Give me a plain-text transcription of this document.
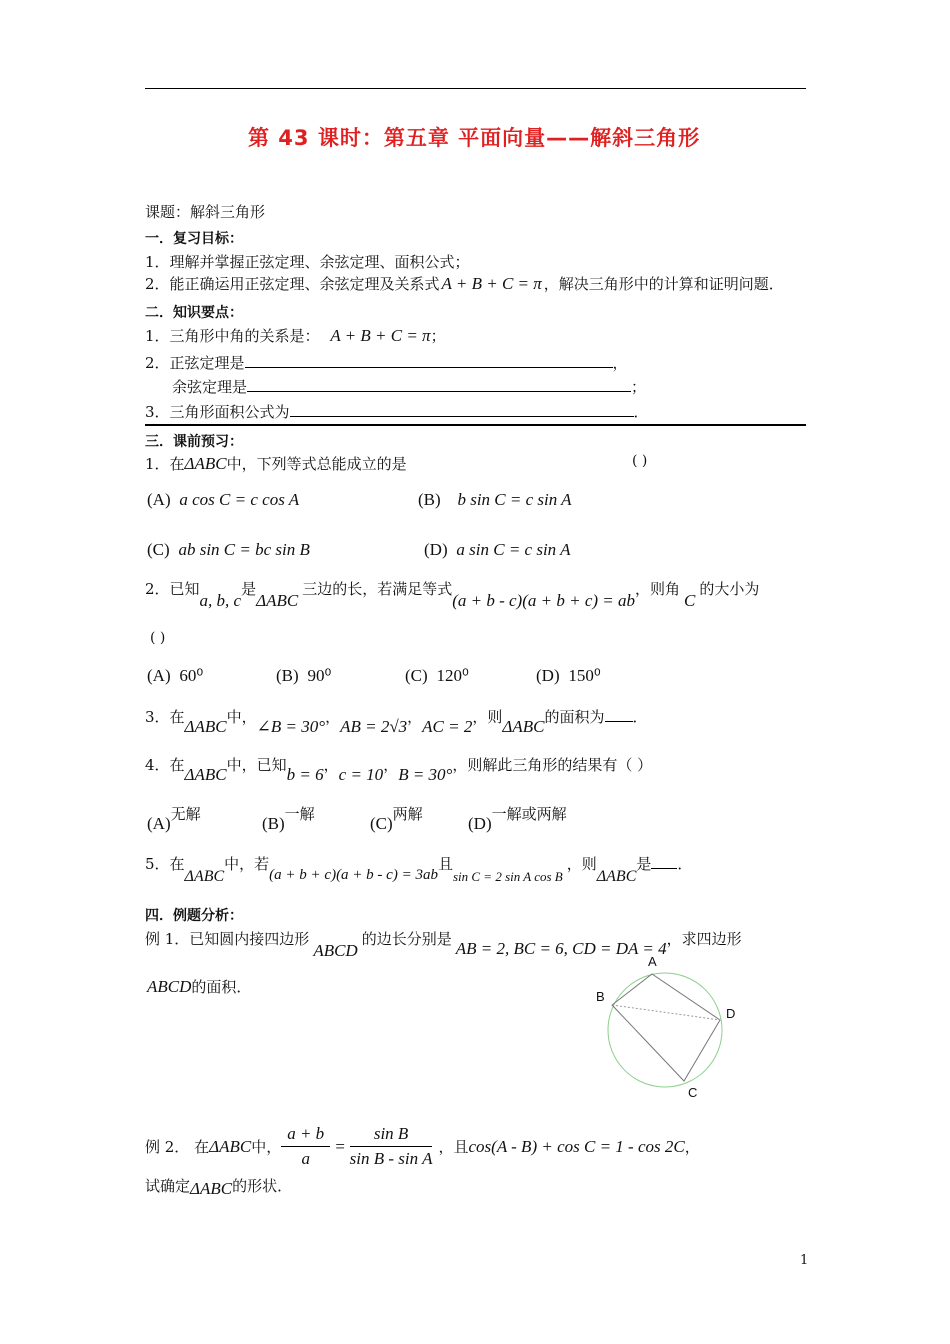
第 43 课时：第五章 平面向量——解斜三角形
课题：解斜三角形
一．复习目标：
1．理解并掌握正弦定理、余弦定理、面积公式；
2．能正确运用正弦定理、余弦定理及关系式 A + B + C = π ，解决三角形中的计算和证明问题．
二．知识要点：
1．三角形中角的关系是： A + B + C = π；
2．正弦定理是	，
余弦定理是	；
3．三角形面积公式为	．
三．课前预习：
1．在ΔABC中，下列等式总能成立的是	( )
(A) a cos C = c cos A	(B) b sin C = c sin A
(C) ab sin C = bc sin B	(D) a sin C = c sin A
2．已知a, b, c是ΔABC三边的长，若满足等式(a + b - c)(a + b + c) = ab，则角C的大小为
( )
(A) 60⁰	(B) 90⁰	(C) 120⁰	(D) 150⁰
3．在ΔABC中，∠B = 30°，AB = 2√3，AC = 2，则ΔABC的面积为 ．
4．在ΔABC中，已知b = 6，c = 10，B = 30°，则解此三角形的结果有（ ）
(A)无解	(B)一解	(C)两解	(D)一解或两解
5．在ΔABC中，若(a + b + c)(a + b - c) = 3ab且sin C = 2 sin A cos B，则ΔABC是 ．
四．例题分析：
例 1．已知圆内接四边形ABCD的边长分别是 AB = 2, BC = 6, CD = DA = 4，求四边形
ABCD的面积．
A
B
C
D
例 2． 在 ΔABC 中， $\frac{a + b}{a} = \frac{\text{sin B}}{\text{sin B - sin A}}$ ，且 cos(A - B) + cos C = 1 - cos 2C ，
试确定ΔABC的形状．
1
